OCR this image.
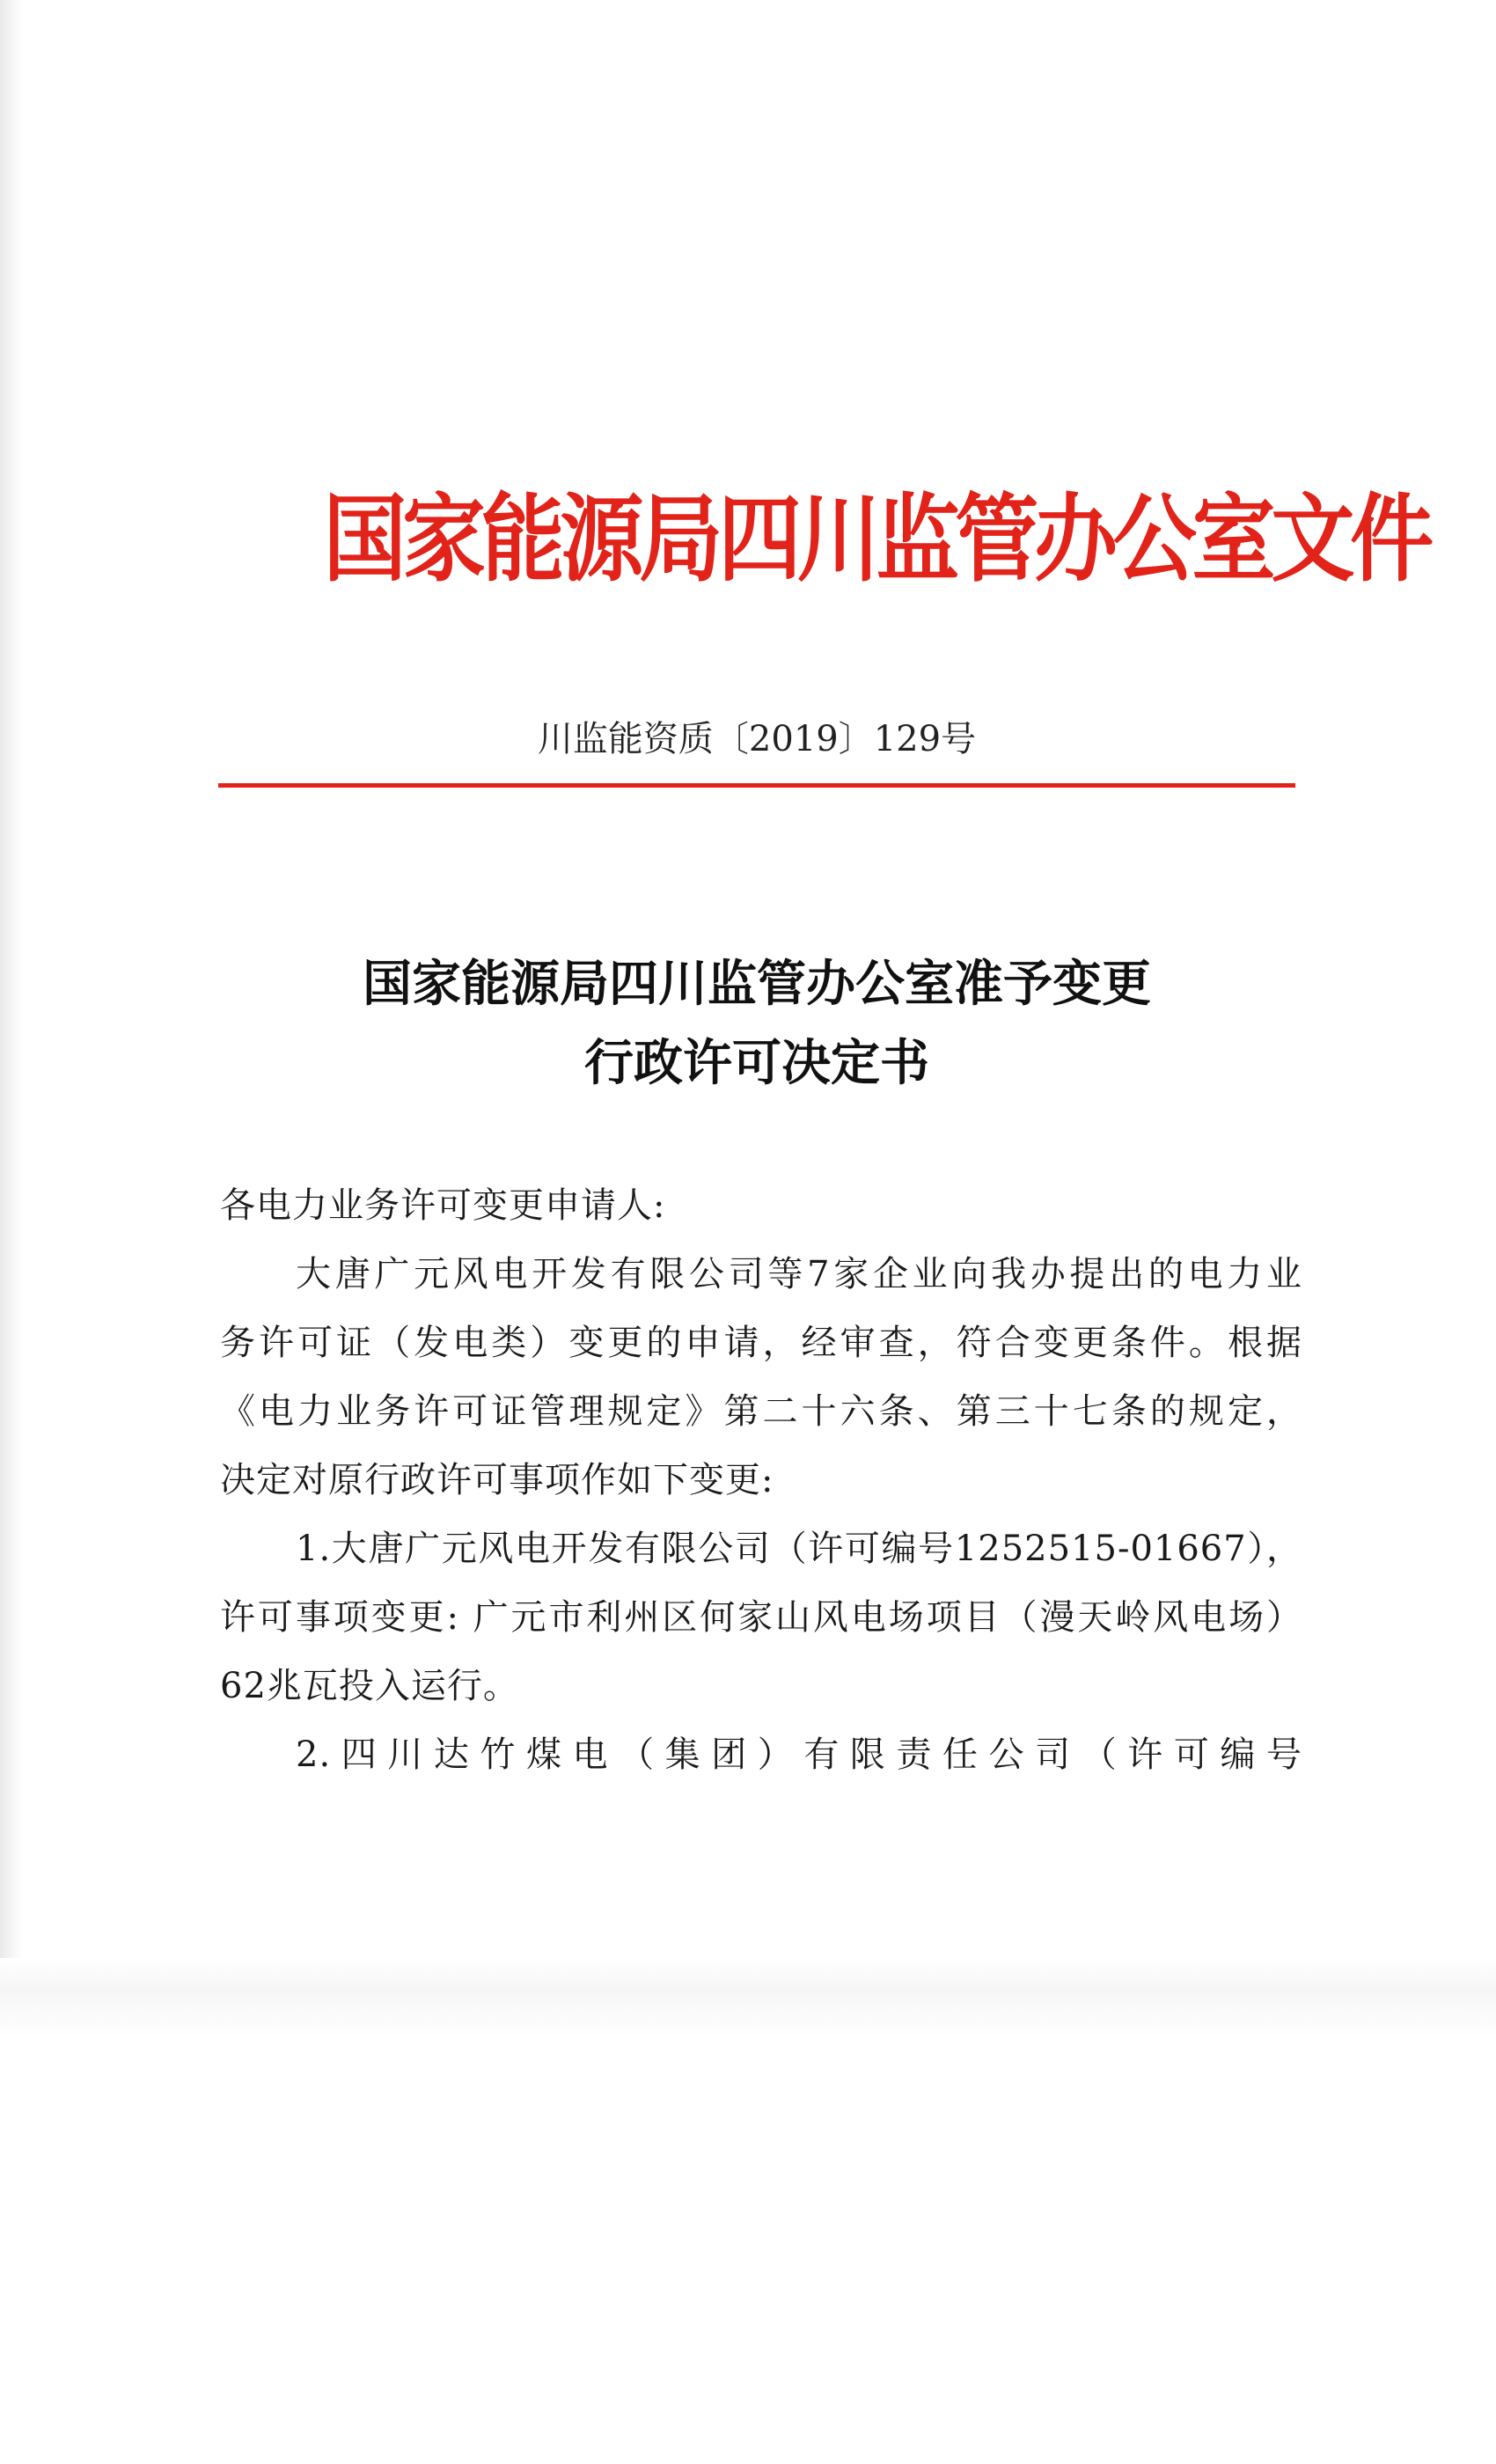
国家能源局四川监管办公室文件
川监能资质〔2019〕129号
国家能源局四川监管办公室准予变更
行政许可决定书
各电力业务许可变更申请人:
大唐广元风电开发有限公司等7家企业向我办提出的电力业
务许可证（发电类）变更的申请，经审查，符合变更条件。根据
《电力业务许可证管理规定》第二十六条、第三十七条的规定，
决定对原行政许可事项作如下变更:
1.大唐广元风电开发有限公司（许可编号1252515-01667），
许可事项变更: 广元市利州区何家山风电场项目（漫天岭风电场）
62兆瓦投入运行。
2.四川达竹煤电（集团）有限责任公司（许可编号
